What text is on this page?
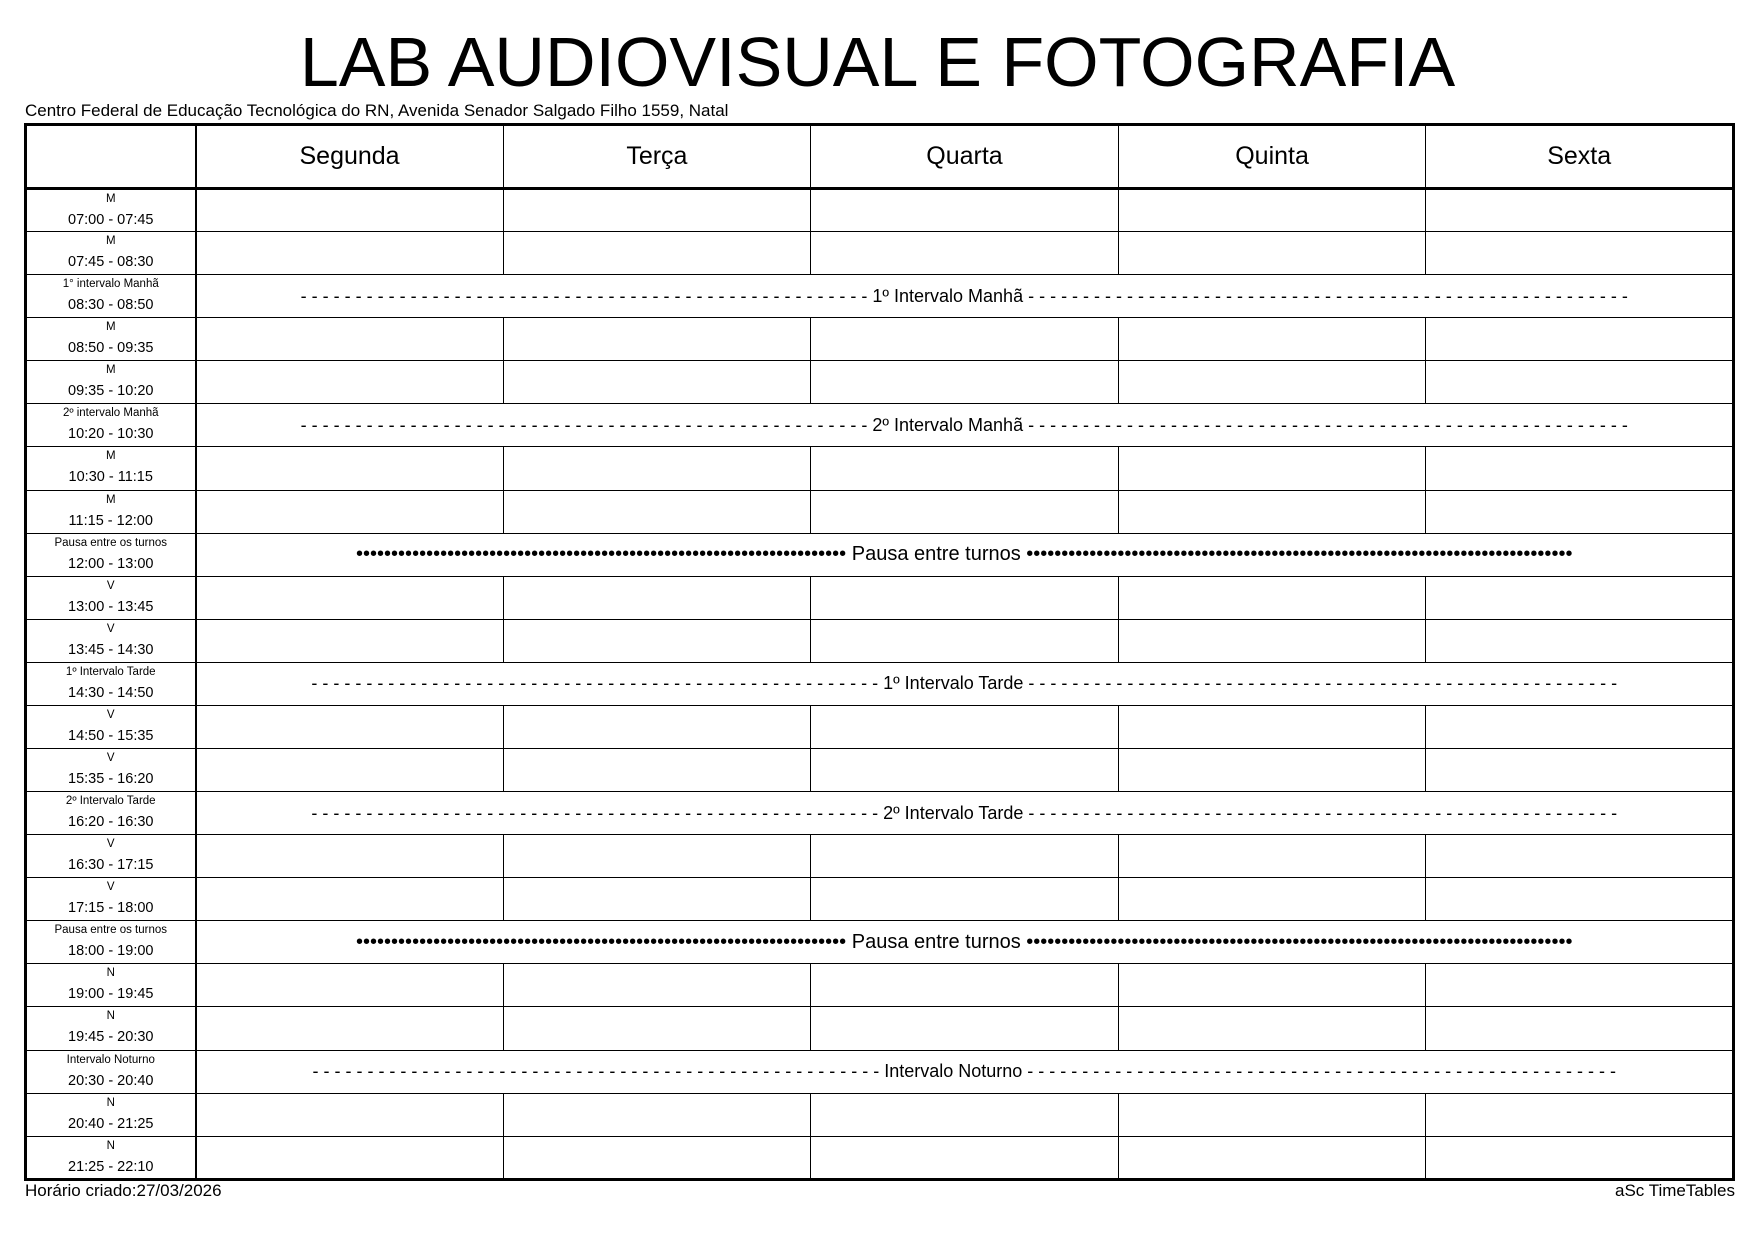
LAB AUDIOVISUAL E FOTOGRAFIA
Centro Federal de Educação Tecnológica do RN, Avenida Senador Salgado Filho 1559, Natal
	Segunda	Terça	Quarta	Quinta	Sexta

M
07:00 - 07:45					

M
07:45 - 08:30					

1° intervalo Manhã
08:30 - 08:50	- - - - - - - - - - - - - - - - - - - - - - - - - - - - - - - - - - - - - - - - - - - - - - - - - - - - 1º Intervalo Manhã - - - - - - - - - - - - - - - - - - - - - - - - - - - - - - - - - - - - - - - - - - - - - - - - - - - - - - -				

M
08:50 - 09:35					

M
09:35 - 10:20					

2º intervalo Manhã
10:20 - 10:30	- - - - - - - - - - - - - - - - - - - - - - - - - - - - - - - - - - - - - - - - - - - - - - - - - - - - 2º Intervalo Manhã - - - - - - - - - - - - - - - - - - - - - - - - - - - - - - - - - - - - - - - - - - - - - - - - - - - - - - -				

M
10:30 - 11:15					

M
11:15 - 12:00					

Pausa entre os turnos
12:00 - 13:00	•••••••••••••••••••••••••••••••••••••••••••••••••••••••••••••••••••••• Pausa entre turnos ••••••••••••••••••••••••••••••••••••••••••••••••••••••••••••••••••••••••••••••				

V
13:00 - 13:45					

V
13:45 - 14:30					

1º Intervalo Tarde
14:30 - 14:50	- - - - - - - - - - - - - - - - - - - - - - - - - - - - - - - - - - - - - - - - - - - - - - - - - - - - 1º Intervalo Tarde - - - - - - - - - - - - - - - - - - - - - - - - - - - - - - - - - - - - - - - - - - - - - - - - - - - - - -				

V
14:50 - 15:35					

V
15:35 - 16:20					

2º Intervalo Tarde
16:20 - 16:30	- - - - - - - - - - - - - - - - - - - - - - - - - - - - - - - - - - - - - - - - - - - - - - - - - - - - 2º Intervalo Tarde - - - - - - - - - - - - - - - - - - - - - - - - - - - - - - - - - - - - - - - - - - - - - - - - - - - - - -				

V
16:30 - 17:15					

V
17:15 - 18:00					

Pausa entre os turnos
18:00 - 19:00	•••••••••••••••••••••••••••••••••••••••••••••••••••••••••••••••••••••• Pausa entre turnos ••••••••••••••••••••••••••••••••••••••••••••••••••••••••••••••••••••••••••••••				

N
19:00 - 19:45					

N
19:45 - 20:30					

Intervalo Noturno
20:30 - 20:40	- - - - - - - - - - - - - - - - - - - - - - - - - - - - - - - - - - - - - - - - - - - - - - - - - - - - Intervalo Noturno - - - - - - - - - - - - - - - - - - - - - - - - - - - - - - - - - - - - - - - - - - - - - - - - - - - - - -				

N
20:40 - 21:25					

N
21:25 - 22:10					

Horário criado:27/03/2026	aSc TimeTables
